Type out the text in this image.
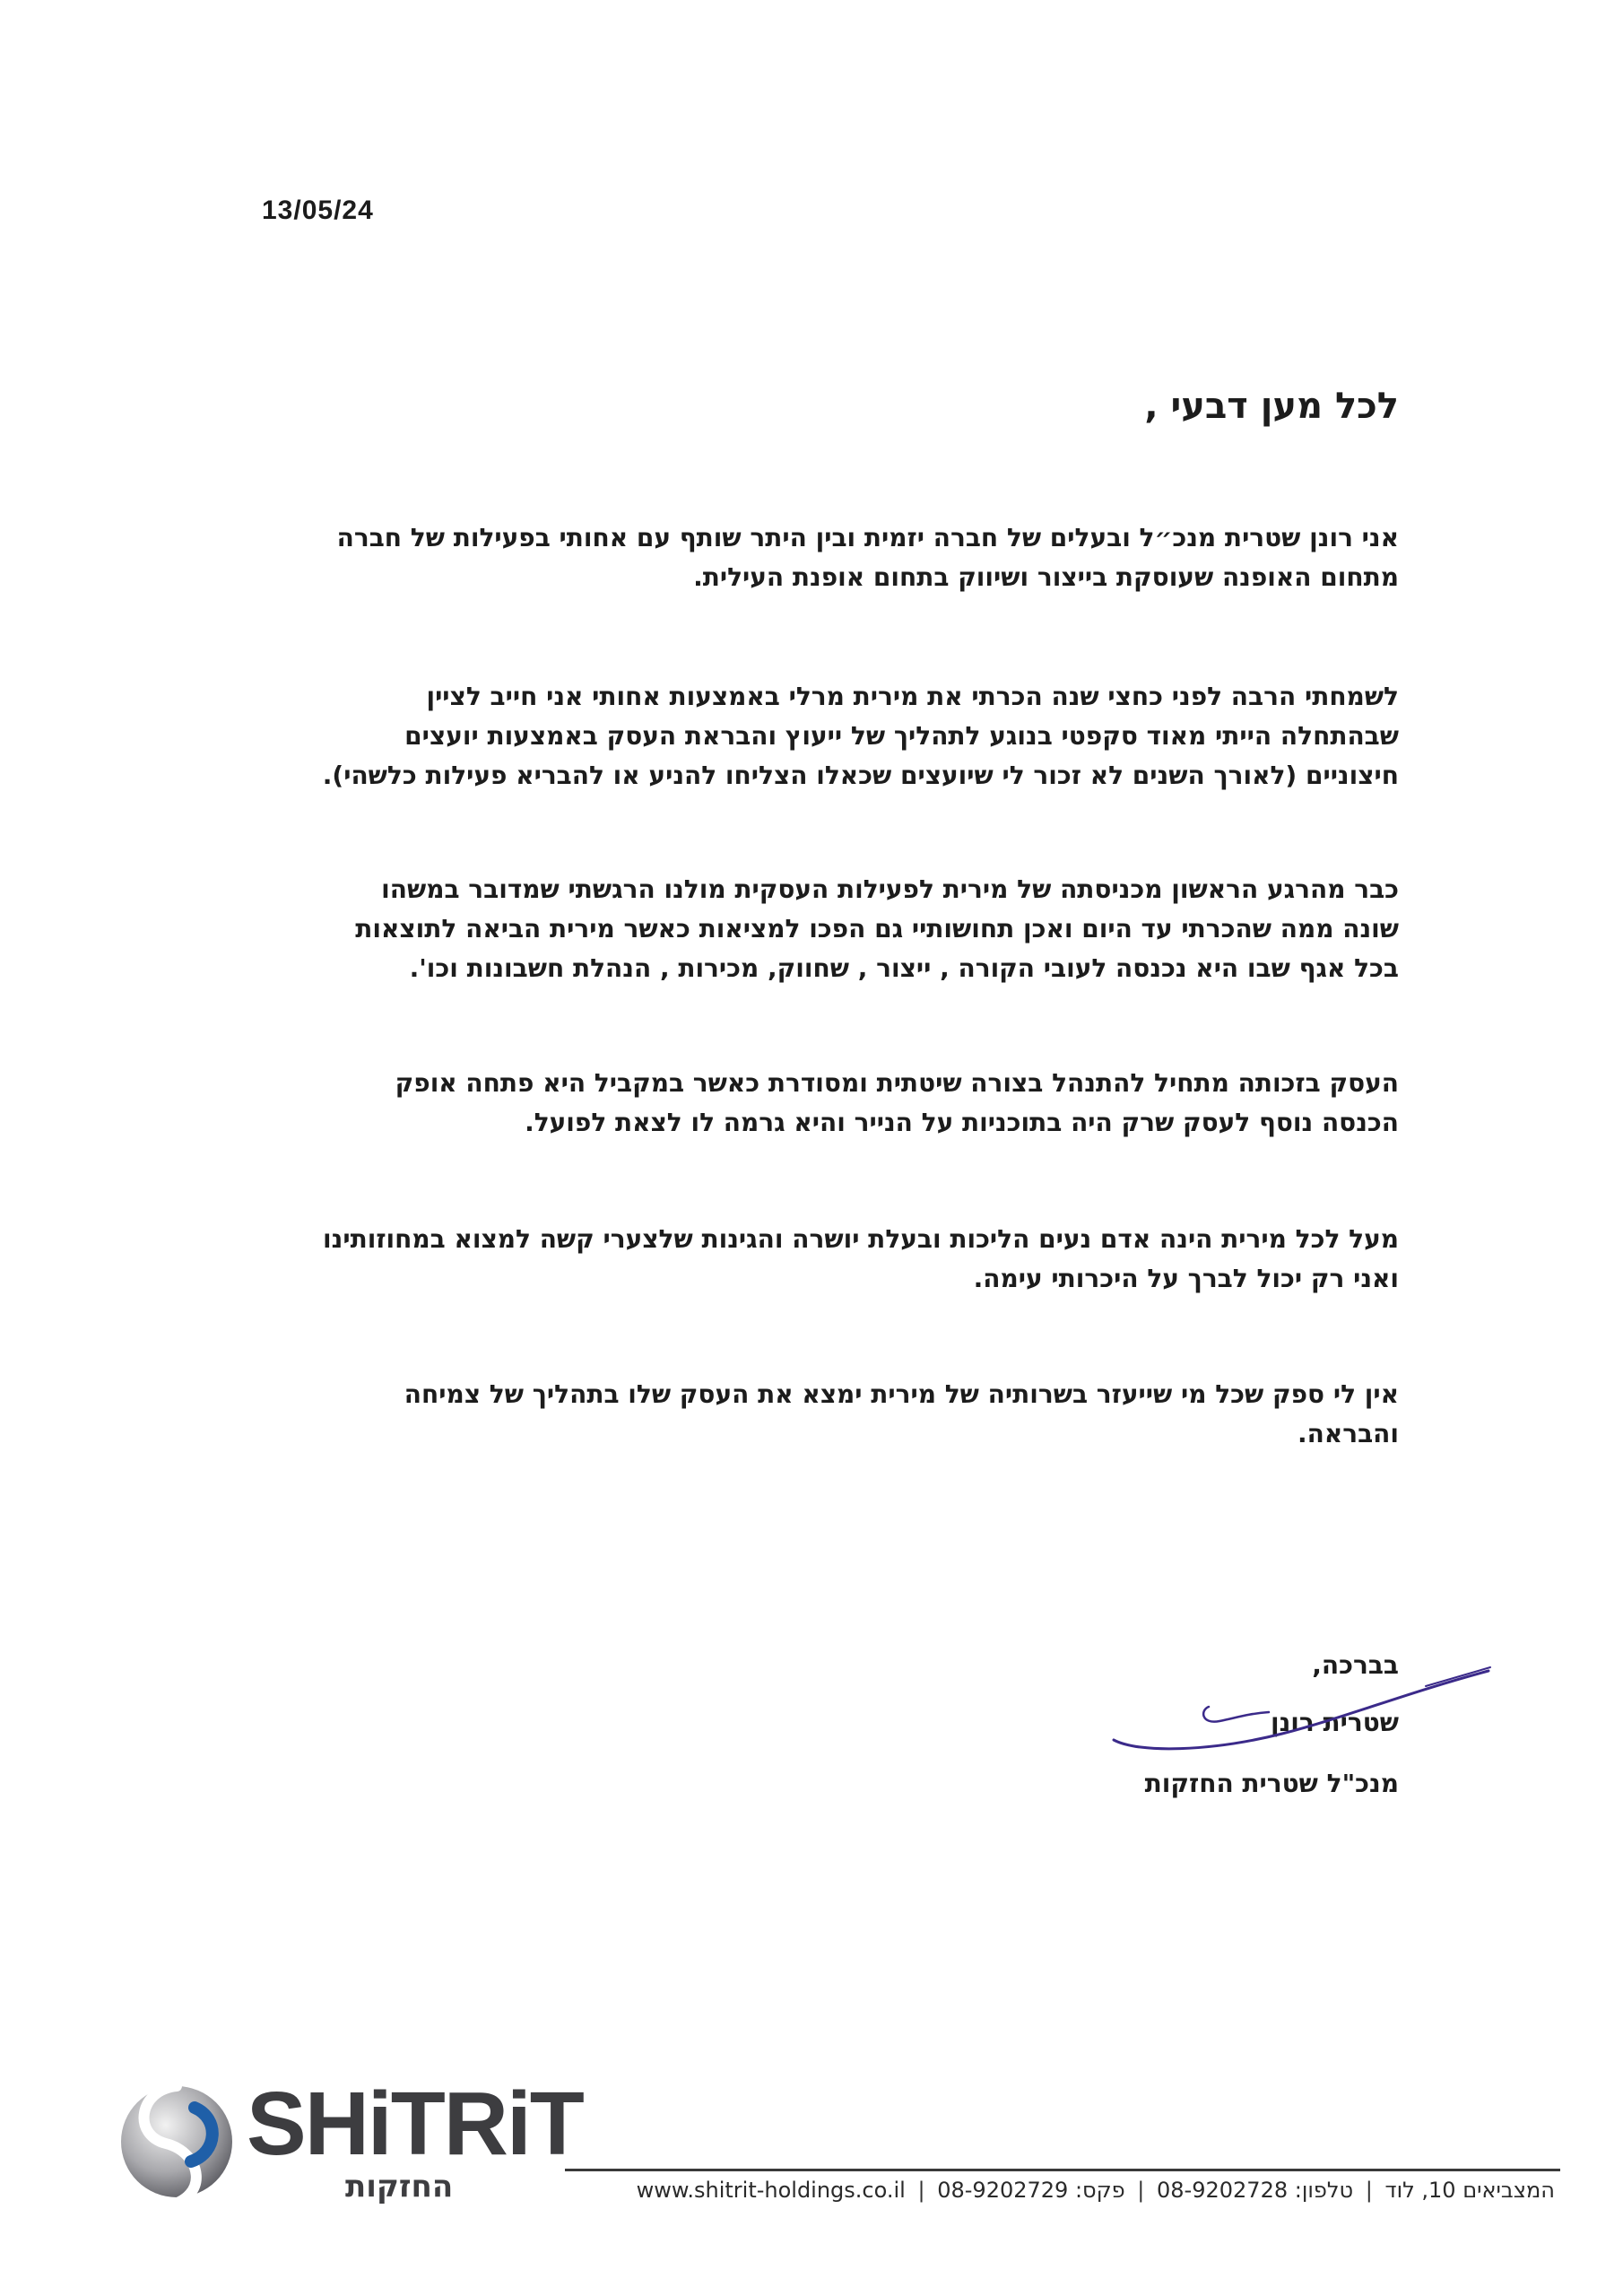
13/05/24
לכל מען דבעי ,
אני רונן שטרית מנכ״ל ובעלים של חברה יזמית ובין היתר שותף עם אחותי בפעילות של חברה
מתחום האופנה שעוסקת בייצור ושיווק בתחום אופנת העילית.
לשמחתי הרבה לפני כחצי שנה הכרתי את מירית מרלי באמצעות אחותי אני חייב לציין
שבהתחלה הייתי מאוד סקפטי בנוגע לתהליך של ייעוץ והבראת העסק באמצעות יועצים
חיצוניים (לאורך השנים לא זכור לי שיועצים שכאלו הצליחו להניע או להבריא פעילות כלשהי).
כבר מהרגע הראשון מכניסתה של מירית לפעילות העסקית מולנו הרגשתי שמדובר במשהו
שונה ממה שהכרתי עד היום ואכן תחושותיי גם הפכו למציאות כאשר מירית הביאה לתוצאות
בכל אגף שבו היא נכנסה לעובי הקורה , ייצור , שחווק, מכירות , הנהלת חשבונות וכו'.
העסק בזכותה מתחיל להתנהל בצורה שיטתית ומסודרת כאשר במקביל היא פתחה אופק
הכנסה נוסף לעסק שרק היה בתוכניות על הנייר והיא גרמה לו לצאת לפועל.
מעל לכל מירית הינה אדם נעים הליכות ובעלת יושרה והגינות שלצערי קשה למצוא במחוזותינו
ואני רק יכול לברך על היכרותי עימה.
אין לי ספק שכל מי שייעזר בשרותיה של מירית ימצא את העסק שלו בתהליך של צמיחה
והבראה.
בברכה,
שטרית רונן
מנכ"ל שטרית החזקות
SHiTRiT
החזקות	המצביאים 10, לוד | טלפון: 08-9202728 | פקס: 08-9202729 | www.shitrit-holdings.co.il
